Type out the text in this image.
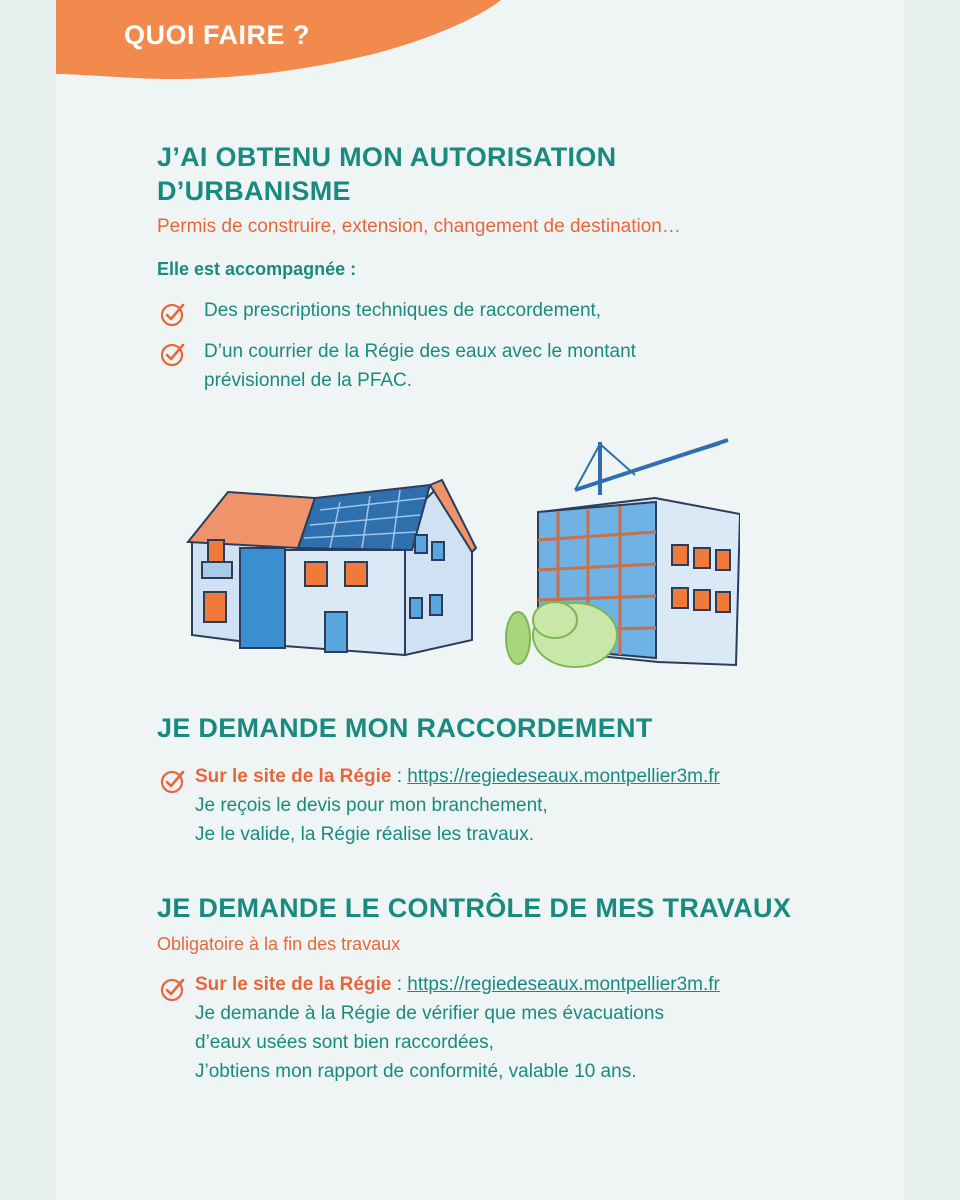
QUOI FAIRE ?
J’AI OBTENU MON AUTORISATION
D’URBANISME

Permis de construire, extension, changement de destination…

Elle est accompagnée :

Des prescriptions techniques de raccordement,

D’un courrier de la Régie des eaux avec le montant
prévisionnel de la PFAC.

JE DEMANDE MON RACCORDEMENT

Sur le site de la Régie : https://regiedeseaux.montpellier3m.fr
Je reçois le devis pour mon branchement,
Je le valide, la Régie réalise les travaux.

JE DEMANDE LE CONTRÔLE DE MES TRAVAUX

Obligatoire à la fin des travaux

Sur le site de la Régie : https://regiedeseaux.montpellier3m.fr
Je demande à la Régie de vérifier que mes évacuations
d’eaux usées sont bien raccordées,
J’obtiens mon rapport de conformité, valable 10 ans.
